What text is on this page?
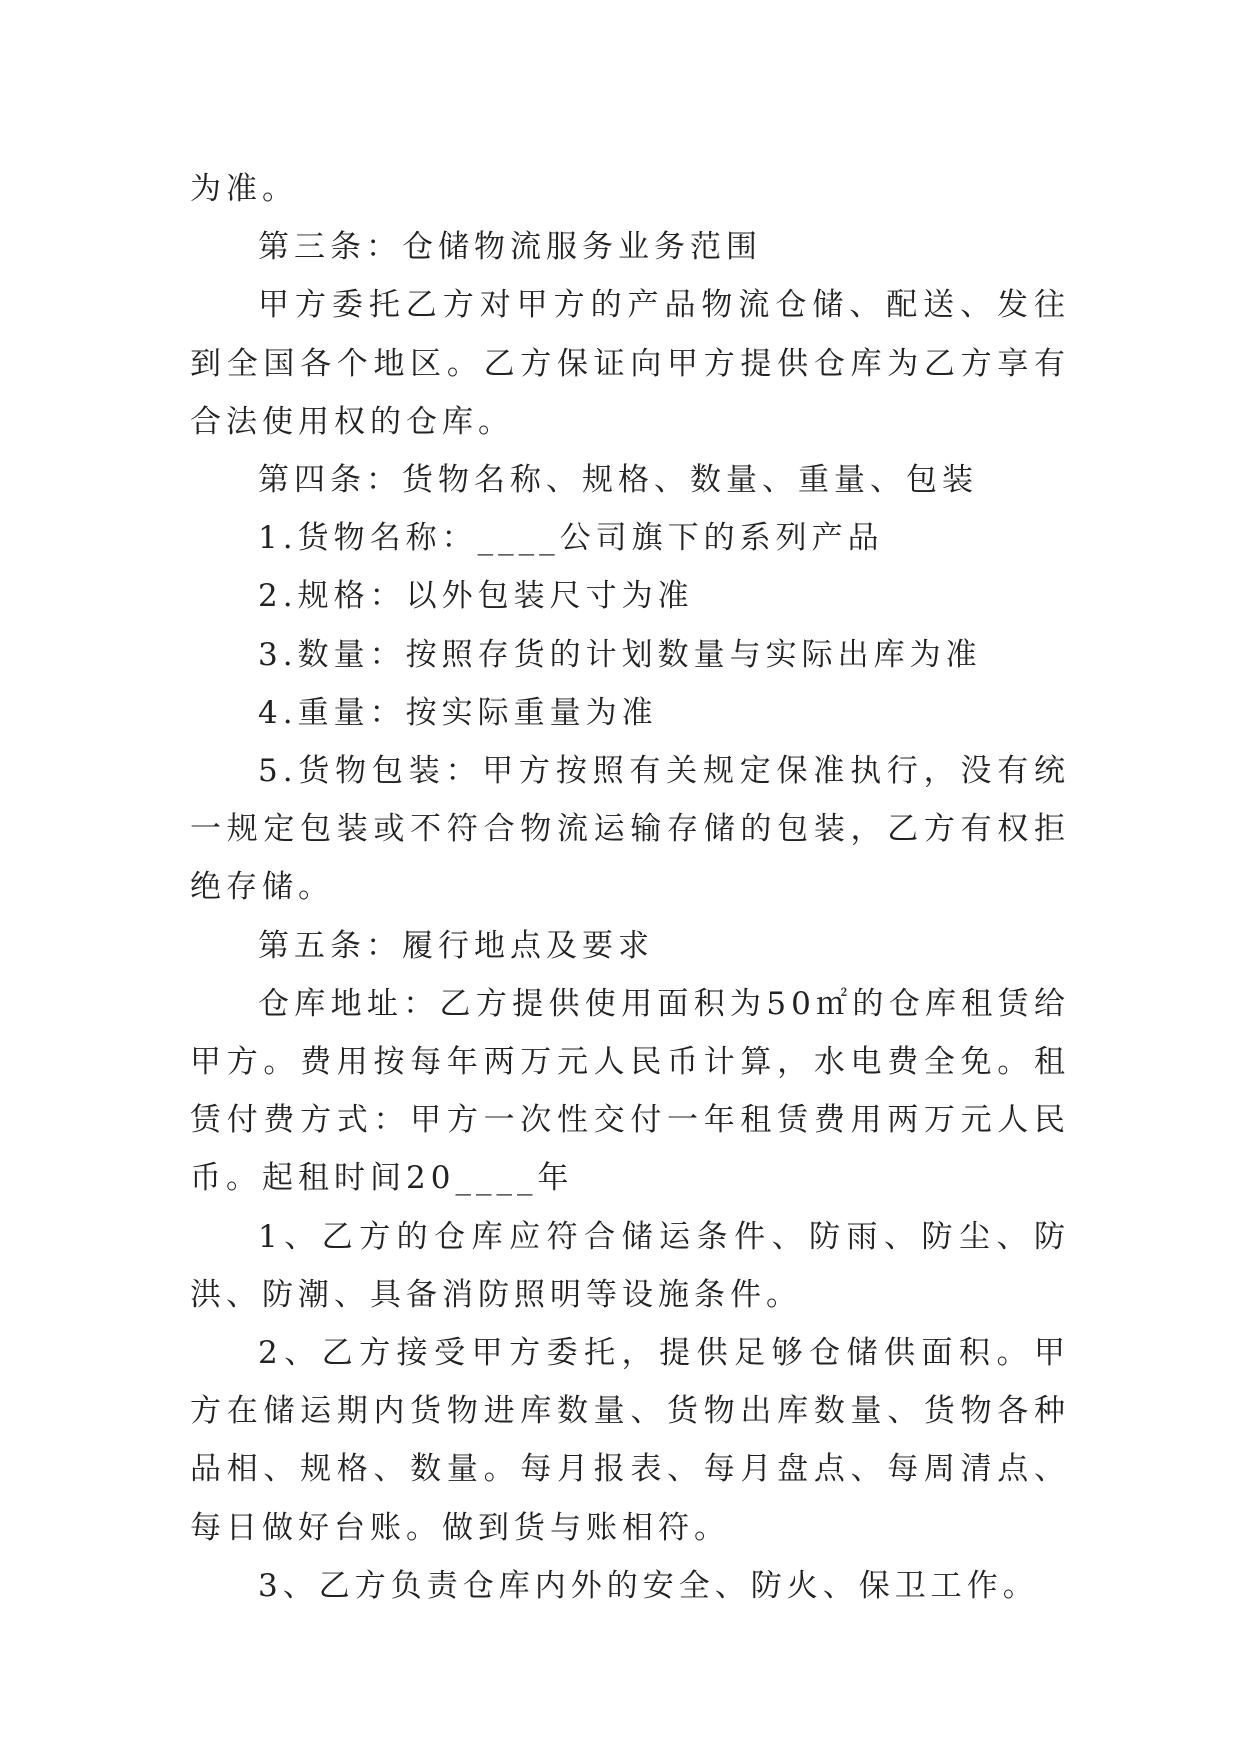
为准。

第三条：仓储物流服务业务范围

甲方委托乙方对甲方的产品物流仓储、配送、发往到全国各个地区。乙方保证向甲方提供仓库为乙方享有合法使用权的仓库。

第四条：货物名称、规格、数量、重量、包装

1.货物名称：____公司旗下的系列产品

2.规格：以外包装尺寸为准

3.数量：按照存货的计划数量与实际出库为准

4.重量：按实际重量为准

5.货物包装：甲方按照有关规定保准执行，没有统一规定包装或不符合物流运输存储的包装，乙方有权拒绝存储。

第五条：履行地点及要求

仓库地址：乙方提供使用面积为50㎡的仓库租赁给甲方。费用按每年两万元人民币计算，水电费全免。租赁付费方式：甲方一次性交付一年租赁费用两万元人民币。起租时间20____年

1、乙方的仓库应符合储运条件、防雨、防尘、防洪、防潮、具备消防照明等设施条件。

2、乙方接受甲方委托，提供足够仓储供面积。甲方在储运期内货物进库数量、货物出库数量、货物各种品相、规格、数量。每月报表、每月盘点、每周清点、每日做好台账。做到货与账相符。

3、乙方负责仓库内外的安全、防火、保卫工作。
